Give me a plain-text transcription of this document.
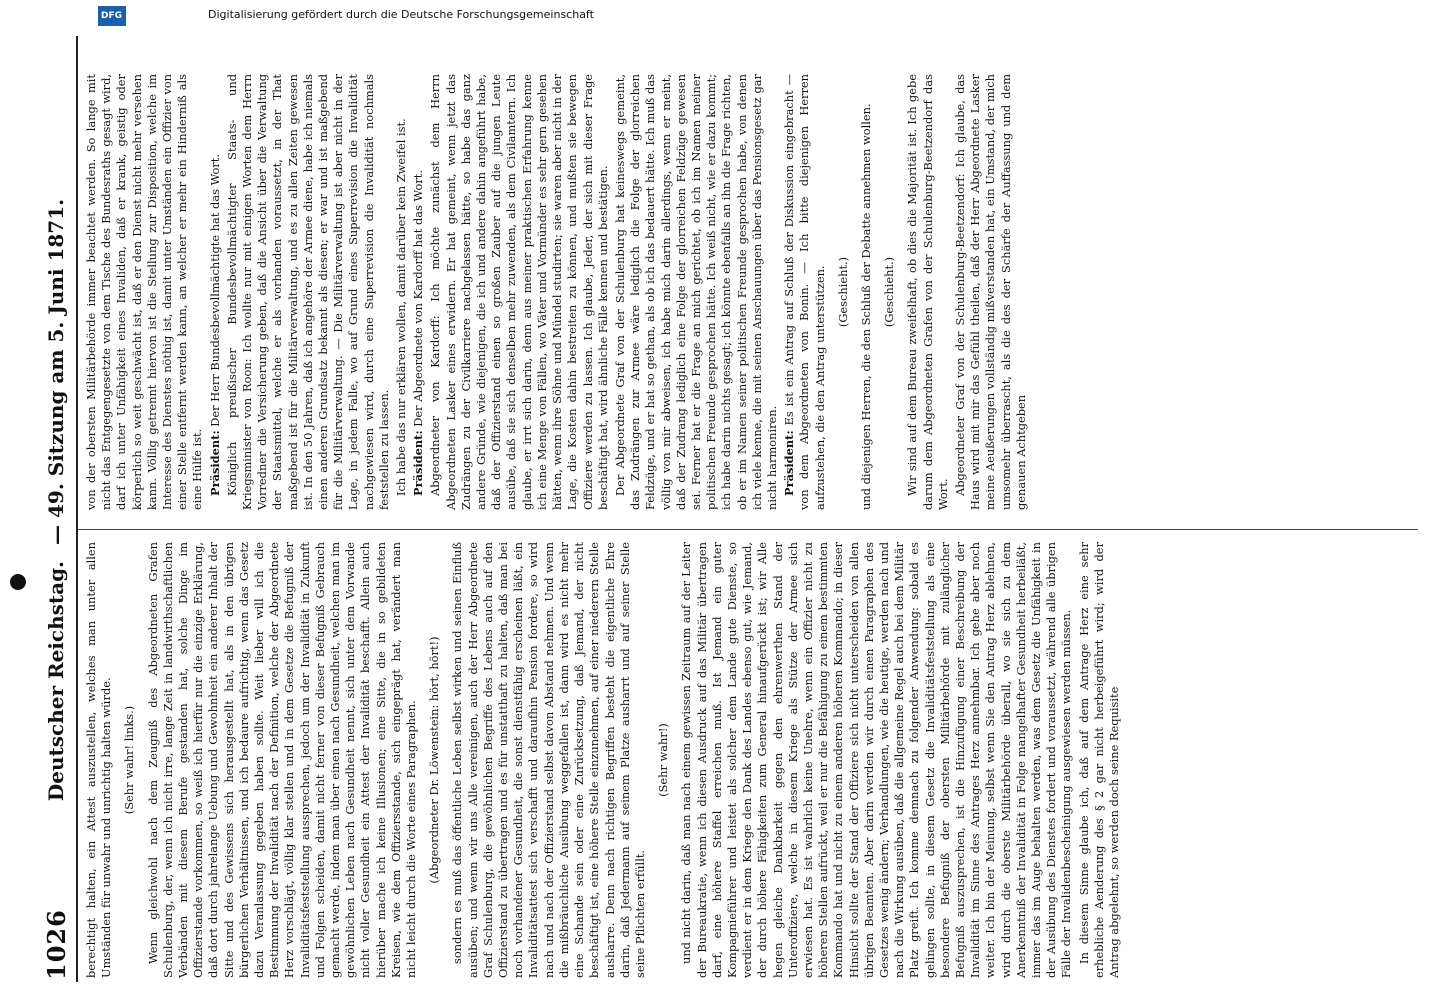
1026
Deutscher Reichstag.— 49. Sitzung am 5. Juni 1871.

berechtigt halten, ein Attest auszustellen, welches man unter allen Umständen für unwahr und unrichtig halten würde. (Sehr wahr! links.) Wenn gleichwohl nach dem Zeugniß des Abgeordneten Grafen Schulenburg, der, wenn ich nicht irre, lange Zeit in landwirthschaftlichen Verbänden mit diesem Berufe gestanden hat, solche Dinge im Offizierstande vorkommen, so weiß ich hierfür nur die einzige Erklärung, daß dort durch jahrelange Uebung und Gewohnheit ein anderer Inhalt der Sitte und des Gewissens sich herausgestellt hat, als in den übrigen bürgerlichen Verhältnissen, und ich bedaure aufrichtig, wenn das Gesetz dazu Veranlassung gegeben haben sollte. Weit lieber will ich die Bestimmung der Invalidität nach der Definition, welche der Abgeordnete Herz vorschlägt, völlig klar stellen und in dem Gesetze die Befugniß der Invaliditätsfeststellung aussprechen, jedoch um der Invalidität in Zukunft und Folgen scheiden, damit nicht ferner von dieser Befugniß Gebrauch gemacht werde, indem man über einen nach Gesundheit, welchen man im gewöhnlichen Leben nach Gesundheit nennt, sich unter dem Vorwande nicht voller Gesundheit ein Attest der Invalidität beschafft. Allein auch hierüber mache ich keine Illusionen; eine Sitte, die in so gebildeten Kreisen, wie dem Offiziersstande, sich eingeprägt hat, verändert man nicht leicht durch die Worte eines Paragraphen. (Abgeordneter Dr. Löwenstein: hört, hört!) sondern es muß das öffentliche Leben selbst wirken und seinen Einfluß ausüben; und wenn wir uns Alle vereinigen, auch der Herr Abgeordnete Graf Schulenburg, die gewöhnlichen Begriffe des Lebens auch auf den Offizierstand zu übertragen und es für unstatthaft zu halten, daß man bei noch vorhandener Gesundheit, die sonst dienstfähig erscheinen läßt, ein Invaliditätsattest sich verschafft und daraufhin Pension fordere, so wird nach und nach der Offizierstand selbst davon Abstand nehmen. Und wenn die mißbräuchliche Ausübung weggefallen ist, dann wird es nicht mehr eine Schande sein oder eine Zurücksetzung, daß Jemand, der nicht beschäftigt ist, eine höhere Stelle einzunehmen, auf einer niederern Stelle ausharre. Denn nach richtigen Begriffen besteht die eigentliche Ehre darin, daß Jedermann auf seinem Platze ausharrt und auf seiner Stelle seine Pflichten erfüllt.

(Sehr wahr!) und nicht darin, daß man nach einem gewissen Zeitraum auf der Leiter der Bureaukratie, wenn ich diesen Ausdruck auf das Militär übertragen darf, eine höhere Staffel erreichen muß. Ist Jemand ein guter Kompagnieführer und leistet als solcher dem Lande gute Dienste, so verdient er in dem Kriege den Dank des Landes ebenso gut, wie Jemand, der durch höhere Fähigkeiten zum General hinaufgerückt ist; wir Alle hegen gleiche Dankbarkeit gegen den ehrenwerthen Stand der Unteroffiziere, welche in diesem Kriege als Stütze der Armee sich erwiesen hat. Es ist wahrlich keine Unehre, wenn ein Offizier nicht zu höheren Stellen aufrückt, weil er nur die Befähigung zu einem bestimmten Kommando hat und nicht zu einem anderen höheren Kommando; in dieser Hinsicht sollte der Stand der Offiziere sich nicht unterscheiden von allen übrigen Beamten. Aber darin werden wir durch einen Paragraphen des Gesetzes wenig ändern; Verhandlungen, wie die heutige, werden nach und nach die Wirkung ausüben, daß die allgemeine Regel auch bei dem Militär Platz greift. Ich komme demnach zu folgender Anwendung: sobald es gelingen sollte, in diesem Gesetz die Invaliditätsfeststellung als eine besondere Befugniß der obersten Militärbehörde mit zulänglicher Befugniß auszusprechen, ist die Hinzufügung einer Beschreibung der Invalidität im Sinne des Antrages Herz annehmbar. Ich gehe aber noch weiter. Ich bin der Meinung, selbst wenn Sie den Antrag Herz ablehnen, wird durch die oberste Militärbehörde überall, wo sie sich zu dem Anerkenntniß der Invalidität in Folge mangelhafter Gesundheit herbeiläßt, immer das im Auge behalten werden, was dem Gesetz die Unfähigkeit in der Ausübung des Dienstes fordert und voraussetzt, während alle übrigen Fälle der Invalidenbescheinigung ausgewiesen werden müssen. In diesem Sinne glaube ich, daß auf dem Antrage Herz eine sehr erhebliche Aenderung des § 2 gar nicht herbeigeführt wird; wird der Antrag abgelehnt, so werden doch seine Requisite

von der obersten Militärbehörde immer beachtet werden. So lange mit nicht das Entgegengesetzte von dem Tische des Bundesraths gesagt wird, darf ich unter Unfähigkeit eines Invaliden, daß er krank, geistig oder körperlich so weit geschwächt ist, daß er den Dienst nicht mehr versehen kann. Völlig getrennt hiervon ist die Stellung zur Disposition, welche im Interesse des Dienstes nöthig ist, damit unter Umständen ein Offizier von einer Stelle entfernt werden kann, an welcher er mehr ein Hinderniß als eine Hülfe ist. Präsident: Der Herr Bundesbevollmächtigte hat das Wort. Königlich preußischer Bundesbevollmächtigter Staats- und Kriegsminister von Roon: Ich wollte nur mit einigen Worten dem Herrn Vorredner die Versicherung geben, daß die Ansicht über die Verwaltung der Staatsmittel, welche er als vorhanden voraussetzt, in der That maßgebend ist für die Militärverwaltung, und es zu allen Zeiten gewesen ist. In den 50 Jahren, daß ich angehöre der Armee diene, habe ich niemals einen anderen Grundsatz bekannt als diesen; er war und ist maßgebend für die Militärverwaltung. — Die Militärverwaltung ist aber nicht in der Lage, in jedem Falle, wo auf Grund eines Superrevision die Invalidität nachgewiesen wird, durch eine Superrevision die Invalidität nochmals feststellen zu lassen. Ich habe das nur erklären wollen, damit darüber kein Zweifel ist. Präsident: Der Abgeordnete von Kardorff hat das Wort. Abgeordneter von Kardorff: Ich möchte zunächst dem Herrn Abgeordneten Lasker eines erwidern. Er hat gemeint, wenn jetzt das Zudrängen zu der Civilkarriere nachgelassen hätte, so habe das ganz andere Gründe, wie diejenigen, die ich und andere dahin angeführt habe, daß der Offizierstand einen so großen Zauber auf die jungen Leute ausübe, daß sie sich denselben mehr zuwenden, als dem Civilamtern. Ich glaube, er irrt sich darin, denn aus meiner praktischen Erfahrung kenne ich eine Menge von Fällen, wo Väter und Vormünder es sehr gern gesehen hätten, wenn ihre Söhne und Mündel studirten; sie waren aber nicht in der Lage, die Kosten dahin bestreiten zu können, und mußten sie bewegen Offiziere werden zu lassen. Ich glaube, Jeder, der sich mit dieser Frage beschäftigt hat, wird ähnliche Fälle kennen und bestätigen. Der Abgeordnete Graf von der Schulenburg hat keineswegs gemeint, das Zudrängen zur Armee wäre lediglich die Folge der glorreichen Feldzüge, und er hat so gethan, als ob ich das bedauert hätte. Ich muß das völlig von mir abweisen, ich habe mich darin allerdings, wenn er meint, daß der Zudrang lediglich eine Folge der glorreichen Feldzüge gewesen sei. Ferner hat er die Frage an mich gerichtet, ob ich im Namen meiner politischen Freunde gesprochen hätte. Ich weiß nicht, wie er dazu kommt; ich habe darin nichts gesagt; ich könnte ebenfalls an ihn die Frage richten, ob er im Namen seiner politischen Freunde gesprochen habe, von denen ich viele kenne, die mit seinen Anschauungen über das Pensionsgesetz gar nicht harmoniren. Präsident: Es ist ein Antrag auf Schluß der Diskussion eingebracht — von dem Abgeordneten von Bonin. — Ich bitte diejenigen Herren aufzustehen, die den Antrag unterstützen. (Geschieht.) und diejenigen Herren, die den Schluß der Debatte annehmen wollen. (Geschieht.) Wir sind auf dem Bureau zweifelhaft, ob dies die Majorität ist. Ich gebe darum dem Abgeordneten Grafen von der Schulenburg-Beetzendorf das Wort. Abgeordneter Graf von der Schulenburg-Beetzendorf: Ich glaube, das Haus wird mit mir das Gefühl theilen, daß der Herr Abgeordnete Lasker meine Aeußerungen vollständig mißverstanden hat, ein Umstand, der mich umsomehr überrascht, als die des der Schärfe der Auffassung und dem genauen Achtgeben

DFG	Digitalisierung gefördert durch die Deutsche Forschungsgemeinschaft
